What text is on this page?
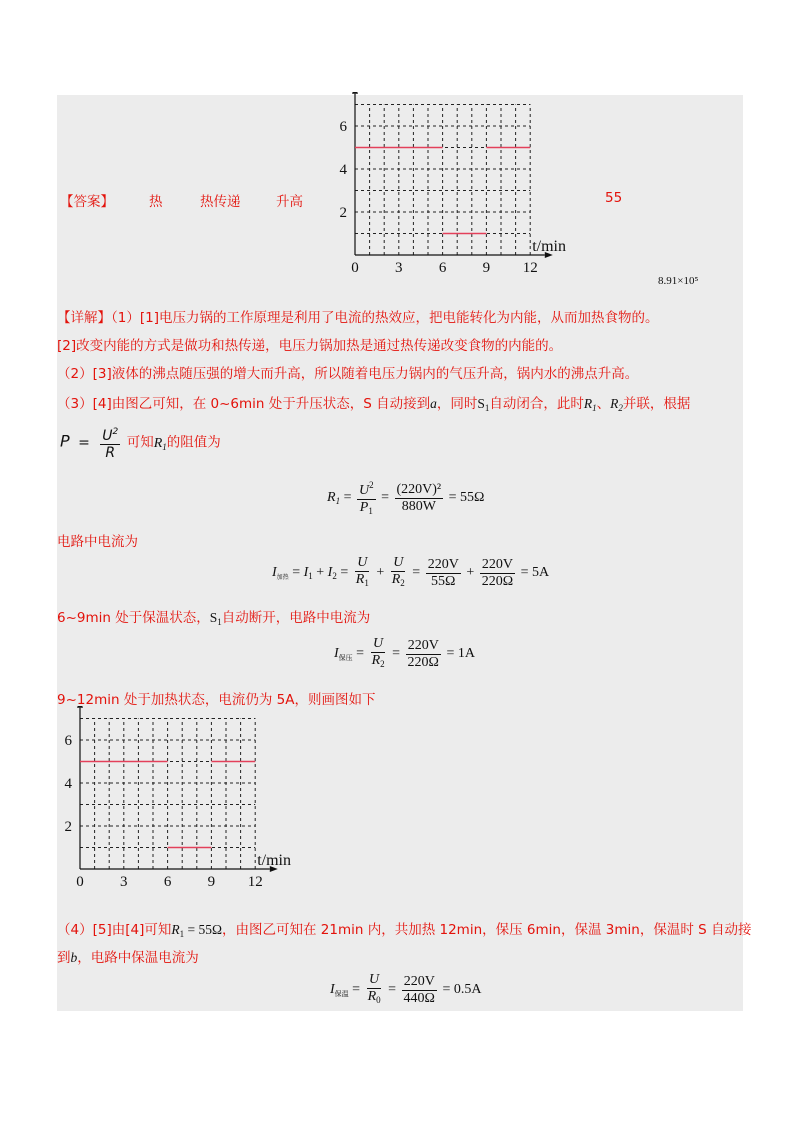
【答案】	热	热传递	升高	55
8.91×10⁵
0 3 6 9 12
2
4
6
t/min
【详解】（1）[1]电压力锅的工作原理是利用了电流的热效应，把电能转化为内能，从而加热食物的。
[2]改变内能的方式是做功和热传递，电压力锅加热是通过热传递改变食物的内能的。
（2）[3]液体的沸点随压强的增大而升高，所以随着电压力锅内的气压升高，锅内水的沸点升高。
（3）[4]由图乙可知，在 0~6min 处于升压状态，S 自动接到a，同时$S_1$自动闭合，此时$R_1$、$R_2$并联，根据
$P = \frac{U^2}{R}$ 可知$R_1$的阻值为
$R_1 = \frac{U^2}{P_1} = \frac{\text{(220V)²}}{880W} = 55\Omega$
电路中电流为
$I_{加热} = I_1 + I_2 = \frac{U}{R_1} + \frac{U}{R_2} = \frac{220V}{55\Omega} + \frac{220V}{220\Omega} = 5A$
6~9min 处于保温状态，$S_1$自动断开，电路中电流为
$I_{保压} = \frac{U}{R_2} = \frac{220V}{220\Omega} = 1A$
9~12min 处于加热状态，电流仍为 5A，则画图如下
0 3 6 9 12
2
4
6
t/min
（4）[5]由[4]可知$R_1 = 55\Omega$，由图乙可知在 21min 内，共加热 12min，保压 6min，保温 3min，保温时 S 自动接
到b，电路中保温电流为
$I_{保温} = \frac{U}{R_0} = \frac{220V}{440\Omega} = 0.5A$
